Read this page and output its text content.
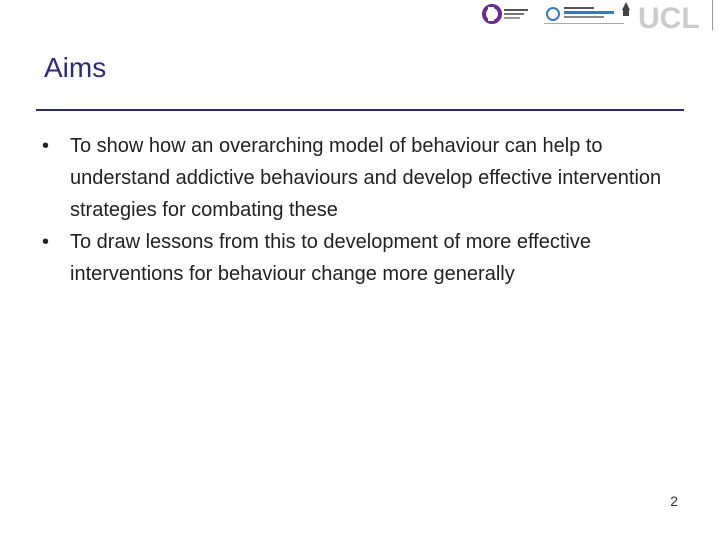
UCL
Aims
• To show how an overarching model of behaviour can help to understand addictive behaviours and develop effective intervention strategies for combating these
• To draw lessons from this to development of more effective interventions for behaviour change more generally
2
